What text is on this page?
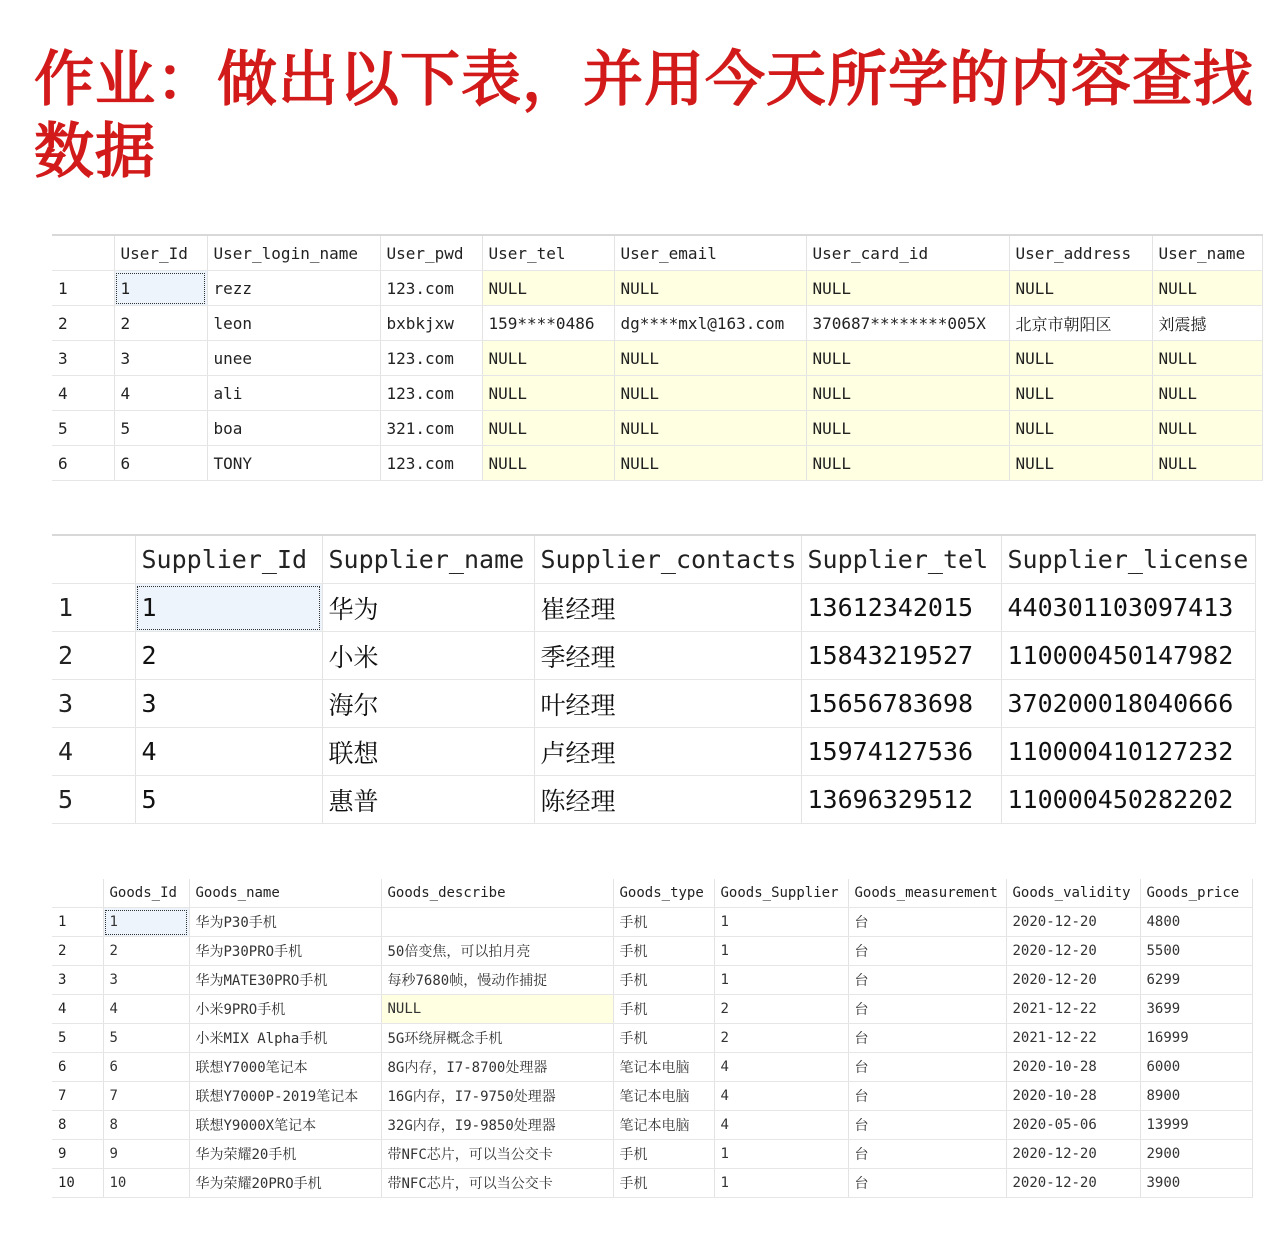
作业：做出以下表，并用今天所学的内容查找数据
	User_Id	User_login_name	User_pwd	User_tel	User_email	User_card_id	User_address	User_name
1	1	rezz	123.com	NULL	NULL	NULL	NULL	NULL
2	2	leon	bxbkjxw	159****0486	dg****mxl@163.com	370687********005X	北京市朝阳区	刘震撼
3	3	unee	123.com	NULL	NULL	NULL	NULL	NULL
4	4	ali	123.com	NULL	NULL	NULL	NULL	NULL
5	5	boa	321.com	NULL	NULL	NULL	NULL	NULL
6	6	TONY	123.com	NULL	NULL	NULL	NULL	NULL
	Supplier_Id	Supplier_name	Supplier_contacts	Supplier_tel	Supplier_license
1	1	华为	崔经理	13612342015	440301103097413
2	2	小米	季经理	15843219527	110000450147982
3	3	海尔	叶经理	15656783698	370200018040666
4	4	联想	卢经理	15974127536	110000410127232
5	5	惠普	陈经理	13696329512	110000450282202
	Goods_Id	Goods_name	Goods_describe	Goods_type	Goods_Supplier	Goods_measurement	Goods_validity	Goods_price
1	1	华为P30手机		手机	1	台	2020-12-20	4800
2	2	华为P30PRO手机	50倍变焦，可以拍月亮	手机	1	台	2020-12-20	5500
3	3	华为MATE30PRO手机	每秒7680帧，慢动作捕捉	手机	1	台	2020-12-20	6299
4	4	小米9PRO手机	NULL	手机	2	台	2021-12-22	3699
5	5	小米MIX Alpha手机	5G环绕屏概念手机	手机	2	台	2021-12-22	16999
6	6	联想Y7000笔记本	8G内存，I7-8700处理器	笔记本电脑	4	台	2020-10-28	6000
7	7	联想Y7000P-2019笔记本	16G内存，I7-9750处理器	笔记本电脑	4	台	2020-10-28	8900
8	8	联想Y9000X笔记本	32G内存，I9-9850处理器	笔记本电脑	4	台	2020-05-06	13999
9	9	华为荣耀20手机	带NFC芯片，可以当公交卡	手机	1	台	2020-12-20	2900
10	10	华为荣耀20PRO手机	带NFC芯片，可以当公交卡	手机	1	台	2020-12-20	3900
